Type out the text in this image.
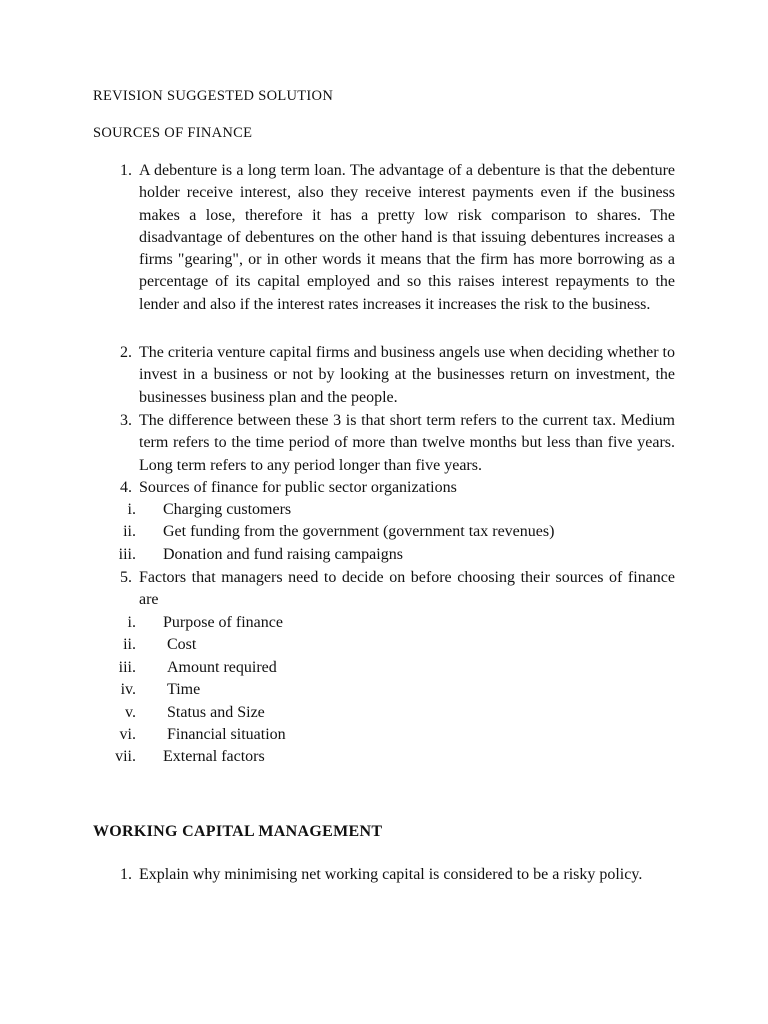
REVISION SUGGESTED SOLUTION
SOURCES OF FINANCE
1. A debenture is a long term loan. The advantage of a debenture is that the debenture holder receive interest, also they receive interest payments even if the business makes a lose, therefore it has a pretty low risk comparison to shares. The disadvantage of debentures on the other hand is that issuing debentures increases a firms "gearing", or in other words it means that the firm has more borrowing as a percentage of its capital employed and so this raises interest repayments to the lender and also if the interest rates increases it increases the risk to the business.
2. The criteria venture capital firms and business angels use when deciding whether to invest in a business or not by looking at the businesses return on investment, the businesses business plan and the people.
3. The difference between these 3 is that short term refers to the current tax. Medium term refers to the time period of more than twelve months but less than five years. Long term refers to any period longer than five years.
4. Sources of finance for public sector organizations
i. Charging customers
ii. Get funding from the government (government tax revenues)
iii. Donation and fund raising campaigns
5. Factors that managers need to decide on before choosing their sources of finance are
i. Purpose of finance
ii. Cost
iii. Amount required
iv. Time
v. Status and Size
vi. Financial situation
vii. External factors
WORKING CAPITAL MANAGEMENT
1. Explain why minimising net working capital is considered to be a risky policy.
